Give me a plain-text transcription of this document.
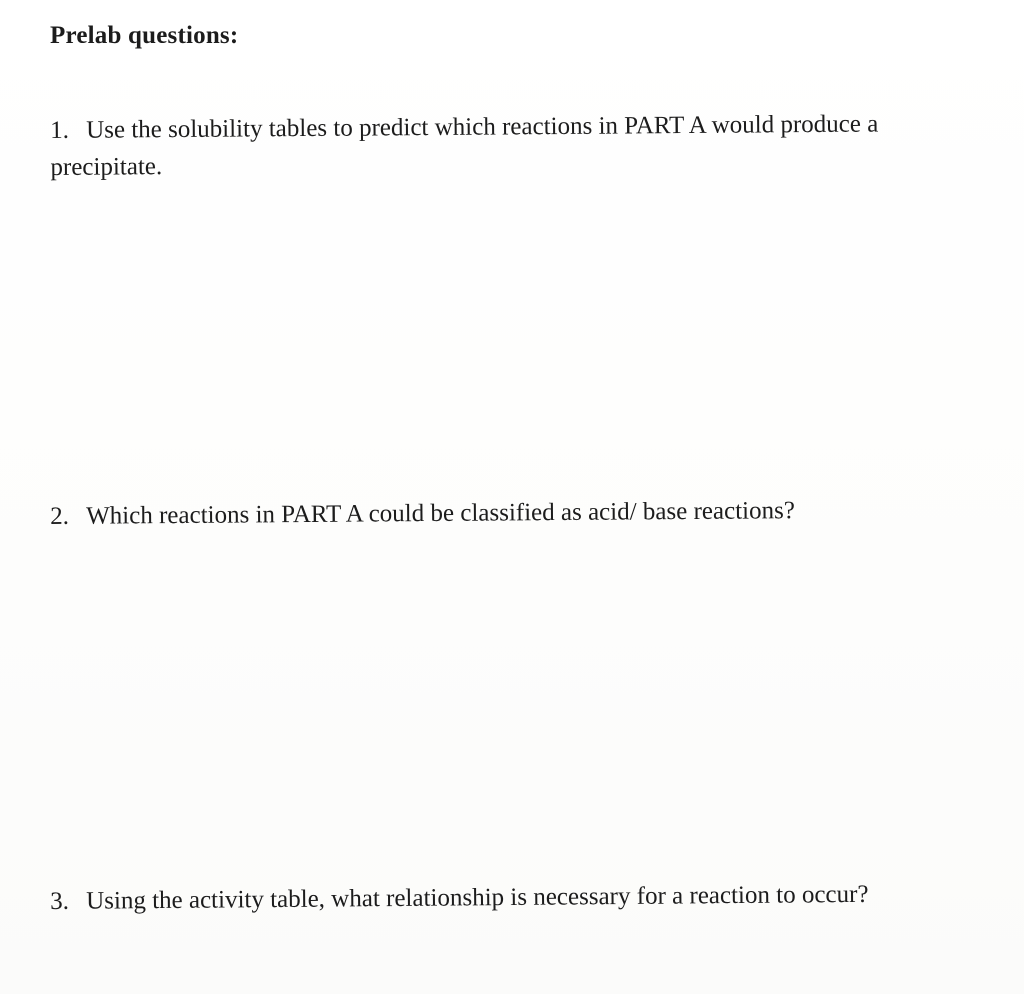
Prelab questions:
1. Use the solubility tables to predict which reactions in PART A would produce a precipitate.
2. Which reactions in PART A could be classified as acid/ base reactions?
3. Using the activity table, what relationship is necessary for a reaction to occur?
